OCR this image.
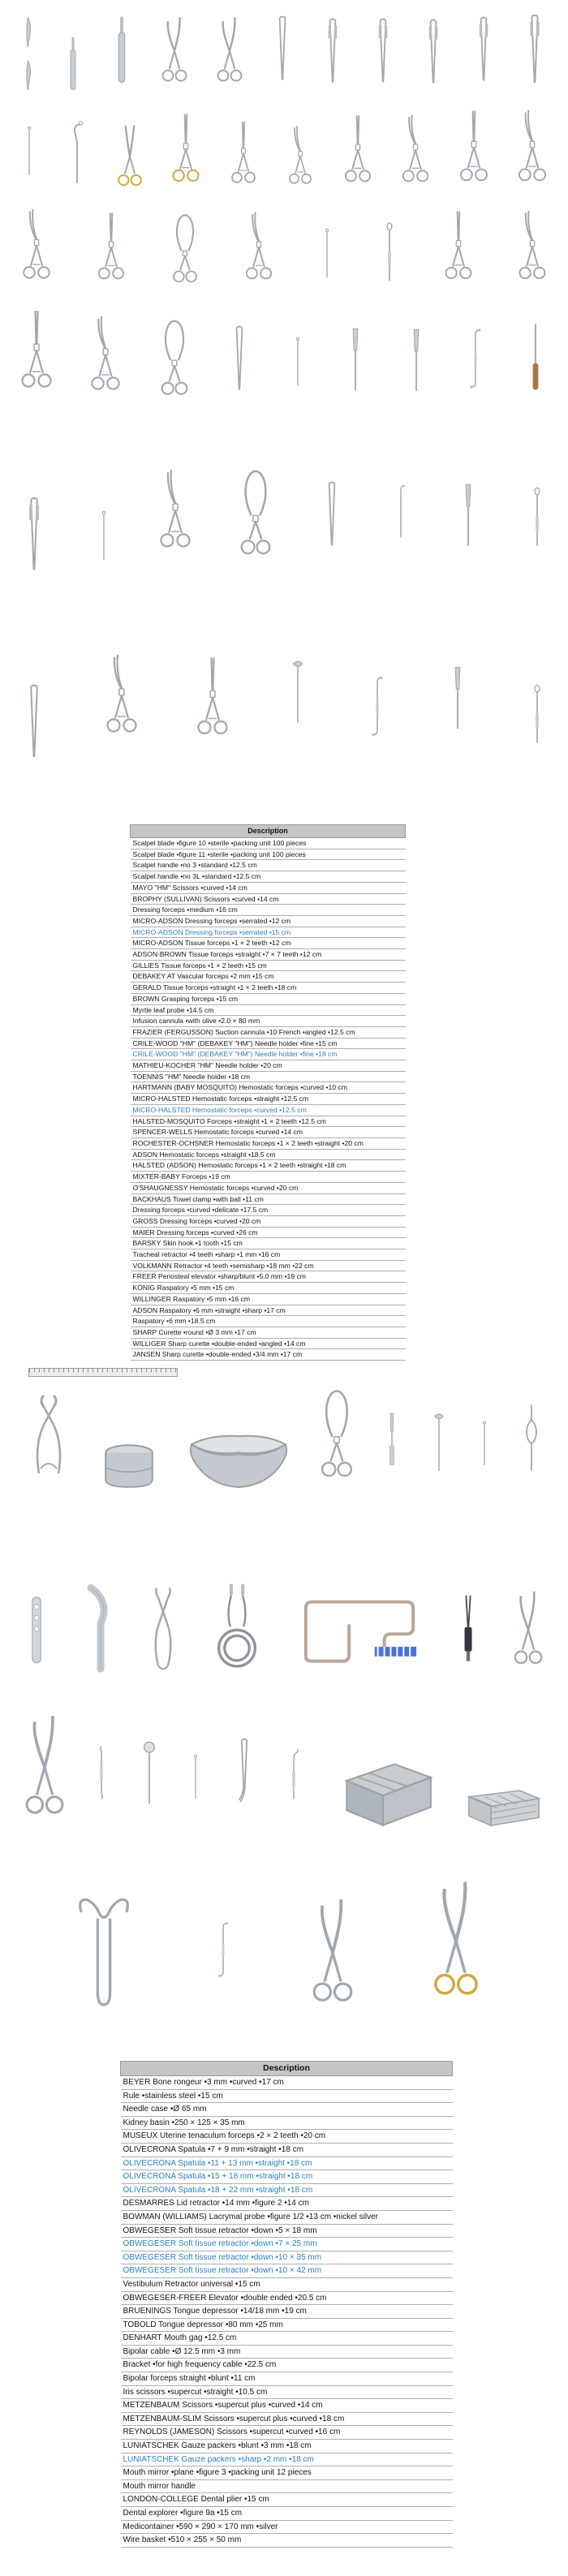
Description
Scalpel blade •figure 10 •sterile •packing unit 100 pieces
Scalpel blade •figure 11 •sterile •packing unit 100 pieces
Scalpel handle •no 3 •standard •12.5 cm
Scalpel handle •no 3L •standard •12.5 cm
MAYO "HM" Scissors •curved •14 cm
BROPHY (SULLIVAN) Scissors •curved •14 cm
Dressing forceps •medium •16 cm
MICRO-ADSON Dressing forceps •serrated •12 cm
MICRO-ADSON Dressing forceps •serrated •15 cm
MICRO-ADSON Tissue forceps •1 × 2 teeth •12 cm
ADSON-BROWN Tissue forceps •straight •7 × 7 teeth •12 cm
GILLIES Tissue forceps •1 × 2 teeth •15 cm
DEBAKEY AT Vascular forceps •2 mm •15 cm
GERALD Tissue forceps •straight •1 × 2 teeth •18 cm
BROWN Grasping forceps •15 cm
Myrtle leaf probe •14.5 cm
Infusion cannula •with olive •2.0 × 80 mm
FRAZIER (FERGUSSON) Suction cannula •10 French •angled •12.5 cm
CRILE-WOOD "HM" (DEBAKEY "HM") Needle holder •fine •15 cm
CRILE-WOOD "HM" (DEBAKEY "HM") Needle holder •fine •18 cm
MATHIEU-KOCHER "HM" Needle holder •20 cm
TOENNIS "HM" Needle holder •18 cm
HARTMANN (BABY MOSQUITO) Hemostatic forceps •curved •10 cm
MICRO-HALSTED Hemostatic forceps •straight •12.5 cm
MICRO-HALSTED Hemostatic forceps •curved •12.5 cm
HALSTED-MOSQUITO Forceps •straight •1 × 2 teeth •12.5 cm
SPENCER-WELLS Hemostatic forceps •curved •14 cm
ROCHESTER-OCHSNER Hemostatic forceps •1 × 2 teeth •straight •20 cm
ADSON Hemostatic forceps •straight •18.5 cm
HALSTED (ADSON) Hemostatic forceps •1 × 2 teeth •straight •18 cm
MIXTER-BABY Forceps •19 cm
O'SHAUGNESSY Hemostatic forceps •curved •20 cm
BACKHAUS Towel clamp •with ball •11 cm
Dressing forceps •curved •delicate •17.5 cm
GROSS Dressing forceps •curved •20 cm
MAIER Dressing forceps •curved •26 cm
BARSKY Skin hook •1 tooth •15 cm
Tracheal retractor •4 teeth •sharp •1 mm •16 cm
VOLKMANN Retractor •4 teeth •semisharp •18 mm •22 cm
FREER Periosteal elevator •sharp/blunt •5.0 mm •19 cm
KÖNIG Raspatory •5 mm •15 cm
WILLINGER Raspatory •5 mm •16 cm
ADSON Raspatory •6 mm •straight •sharp •17 cm
Raspatory •6 mm •18.5 cm
SHARP Curette •round •Ø 3 mm •17 cm
WILLIGER Sharp curette •double-ended •angled •14 cm
JANSEN Sharp curette •double-ended •3/4 mm •17 cm
Description
BEYER Bone rongeur •3 mm •curved •17 cm
Rule •stainless steel •15 cm
Needle case •Ø 65 mm
Kidney basin •250 × 125 × 35 mm
MUSEUX Uterine tenaculum forceps •2 × 2 teeth •20 cm
OLIVECRONA Spatula •7 + 9 mm •straight •18 cm
OLIVECRONA Spatula •11 + 13 mm •straight •18 cm
OLIVECRONA Spatula •15 + 18 mm •straight •18 cm
OLIVECRONA Spatula •18 + 22 mm •straight •18 cm
DESMARRES Lid retractor •14 mm •figure 2 •14 cm
BOWMAN (WILLIAMS) Lacrymal probe •figure 1/2 •13 cm •nickel silver
OBWEGESER Soft tissue retractor •down •5 × 18 mm
OBWEGESER Soft tissue retractor •down •7 × 25 mm
OBWEGESER Soft tissue retractor •down •10 × 35 mm
OBWEGESER Soft tissue retractor •down •10 × 42 mm
Vestibulum Retractor universal •15 cm
OBWEGESER-FREER Elevator •double ended •20.5 cm
BRUENINGS Tongue depressor •14/18 mm •19 cm
TOBOLD Tongue depressor •80 mm •25 mm
DENHART Mouth gag •12.5 cm
Bipolar cable •Ø 12.5 mm •3 mm
Bracket •for high frequency cable •22.5 cm
Bipolar forceps straight •blunt •11 cm
Iris scissors •supercut •straight •10.5 cm
METZENBAUM Scissors •supercut plus •curved •14 cm
METZENBAUM-SLIM Scissors •supercut plus •curved •18 cm
REYNOLDS (JAMESON) Scissors •supercut •curved •16 cm
LUNIATSCHEK Gauze packers •blunt •3 mm •18 cm
LUNIATSCHEK Gauze packers •sharp •2 mm •18 cm
Mouth mirror •plane •figure 3 •packing unit 12 pieces
Mouth mirror handle
LONDON-COLLEGE Dental plier •15 cm
Dental explorer •figure 9a •15 cm
Medicontainer •590 × 290 × 170 mm •silver
Wire basket •510 × 255 × 50 mm
